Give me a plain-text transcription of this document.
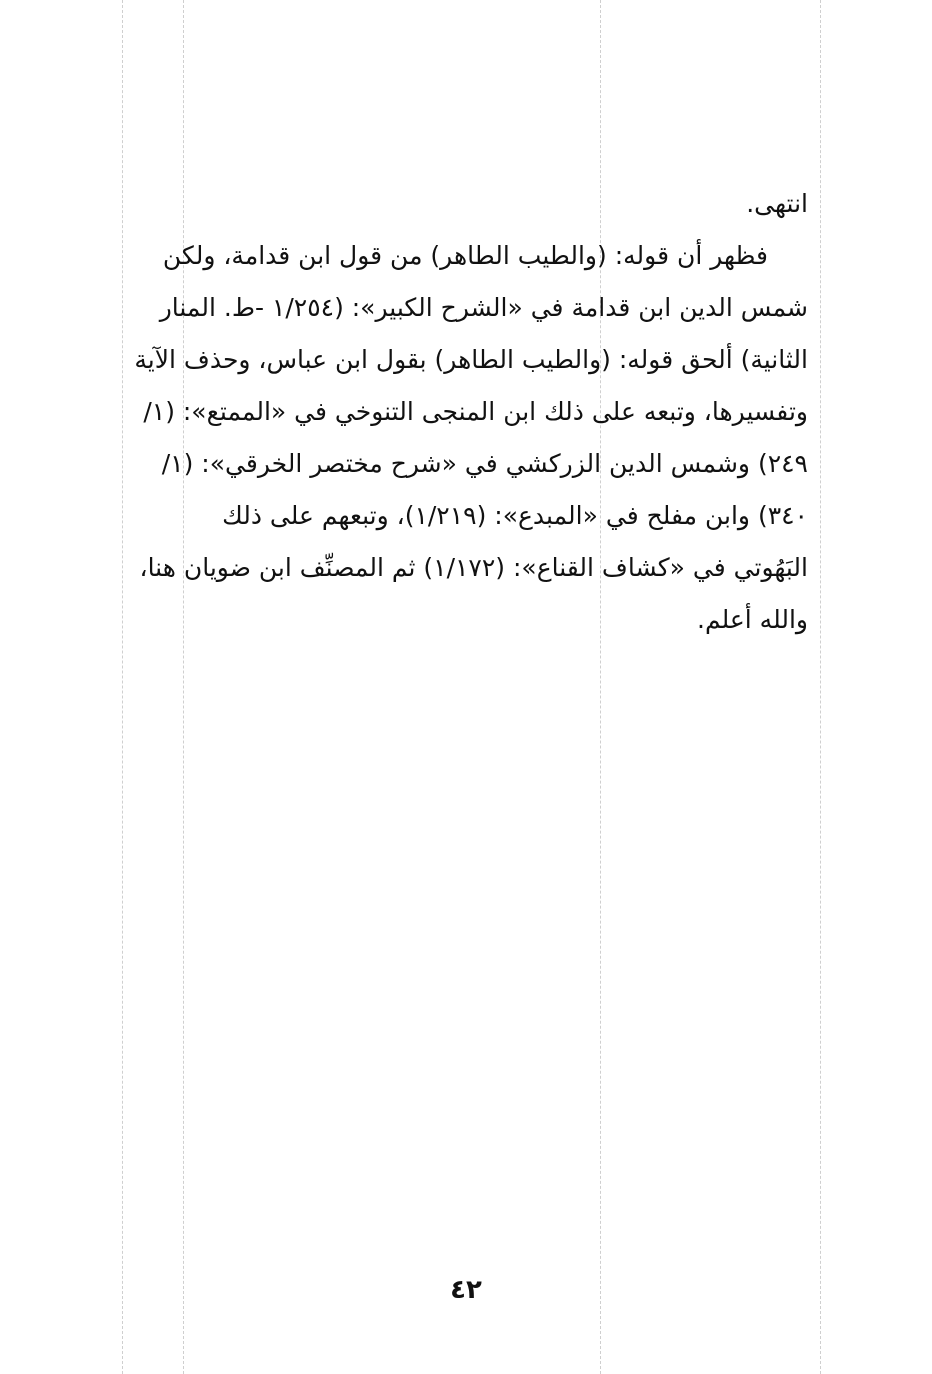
انتهى.
فظهر أن قوله: (والطيب الطاهر) من قول ابن قدامة، ولكن
شمس الدين ابن قدامة في «الشرح الكبير»: (١/٢٥٤ -ط. المنار
الثانية) ألحق قوله: (والطيب الطاهر) بقول ابن عباس، وحذف الآية
وتفسيرها، وتبعه على ذلك ابن المنجى التنوخي في «الممتع»: (١/
٢٤٩) وشمس الدين الزركشي في «شرح مختصر الخرقي»: (١/
٣٤٠) وابن مفلح في «المبدع»: (١/٢١٩)، وتبعهم على ذلك
البَهُوتي في «كشاف القناع»: (١/١٧٢) ثم المصنِّف ابن ضويان هنا،
والله أعلم.
٤٢
